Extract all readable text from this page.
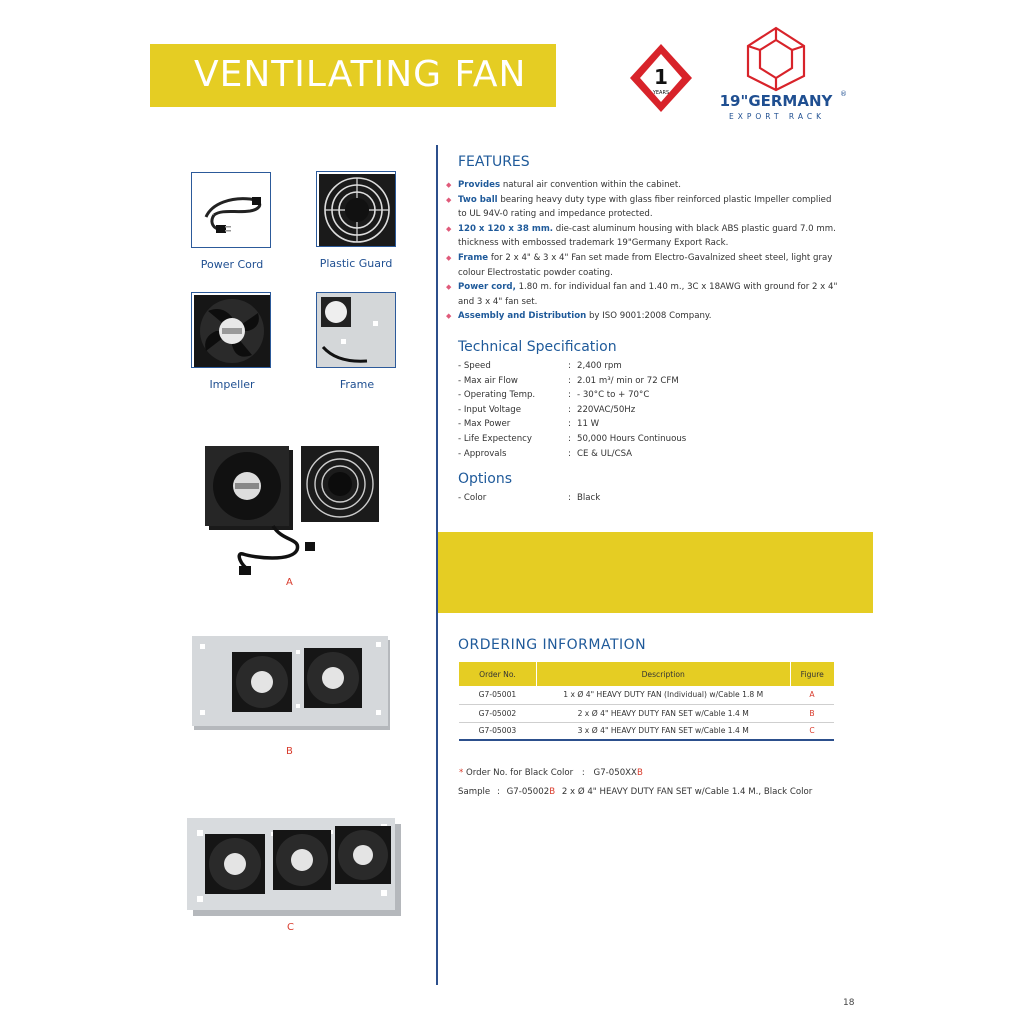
VENTILATING FAN	1
YEARS	19"GERMANY	®
EXPORT RACK
Power Cord	Plastic Guard
Impeller	Frame
A
B
C
FEATURES
◆ Provides natural air convention within the cabinet.
◆ Two ball bearing heavy duty type with glass fiber reinforced plastic Impeller complied to UL 94V-0 rating and impedance protected.
◆ 120 x 120 x 38 mm. die-cast aluminum housing with black ABS plastic guard 7.0 mm. thickness with embossed trademark 19"Germany Export Rack.
◆ Frame for 2 x 4" & 3 x 4" Fan set made from Electro-Gavalnized sheet steel, light gray colour Electrostatic powder coating.
◆ Power cord, 1.80 m. for individual fan and 1.40 m., 3C x 18AWG with ground for 2 x 4" and 3 x 4" fan set.
◆ Assembly and Distribution by ISO 9001:2008 Company.
Technical Specification
- Speed	: 2,400 rpm
- Max air Flow	: 2.01 m³/ min or 72 CFM
- Operating Temp.	: - 30°C to + 70°C
- Input Voltage	: 220VAC/50Hz
- Max Power	: 11 W
- Life Expectency	: 50,000 Hours Continuous
- Approvals	: CE & UL/CSA
Options
- Color	: Black
ORDERING INFORMATION
Order No.	Description	Figure
G7-05001	1 x Ø 4" HEAVY DUTY FAN (Individual) w/Cable 1.8 M	A
G7-05002	2 x Ø 4" HEAVY DUTY FAN SET w/Cable 1.4 M	B
G7-05003	3 x Ø 4" HEAVY DUTY FAN SET w/Cable 1.4 M	C
* Order No. for Black Color : G7-050XXB
Sample : G7-05002B 2 x Ø 4" HEAVY DUTY FAN SET w/Cable 1.4 M., Black Color
18
